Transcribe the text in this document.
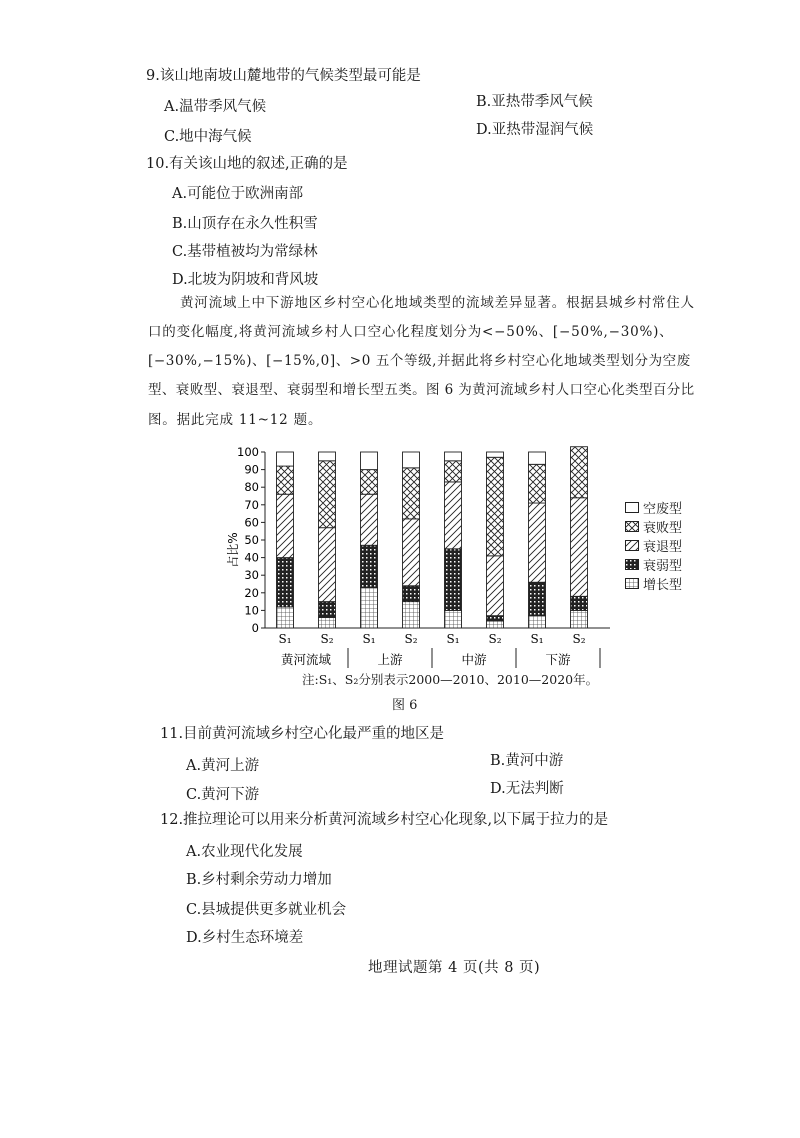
9.该山地南坡山麓地带的气候类型最可能是
A.温带季风气候	B.亚热带季风气候
C.地中海气候	D.亚热带湿润气候
10.有关该山地的叙述,正确的是
A.可能位于欧洲南部
B.山顶存在永久性积雪
C.基带植被均为常绿林
D.北坡为阴坡和背风坡
黄河流域上中下游地区乡村空心化地域类型的流域差异显著。根据县城乡村常住人
口的变化幅度,将黄河流域乡村人口空心化程度划分为<−50%、[−50%,−30%)、
[−30%,−15%)、[−15%,0]、>0 五个等级,并据此将乡村空心化地域类型划分为空废
型、衰败型、衰退型、衰弱型和增长型五类。图 6 为黄河流域乡村人口空心化类型百分比
图。据此完成 11~12 题。
0
10
20
30
40
50
60
70
80
90
100
S₁ S₂ S₁ S₂ S₁ S₂ S₁ S₂
黄河流域	上游	中游	下游
占比%
空废型
衰败型
衰退型
衰弱型
增长型
注:S₁、S₂分别表示2000—2010、2010—2020年。
图 6
11.目前黄河流域乡村空心化最严重的地区是
A.黄河上游	B.黄河中游
C.黄河下游	D.无法判断
12.推拉理论可以用来分析黄河流域乡村空心化现象,以下属于拉力的是
A.农业现代化发展
B.乡村剩余劳动力增加
C.县城提供更多就业机会
D.乡村生态环境差
地理试题第 4 页(共 8 页)
